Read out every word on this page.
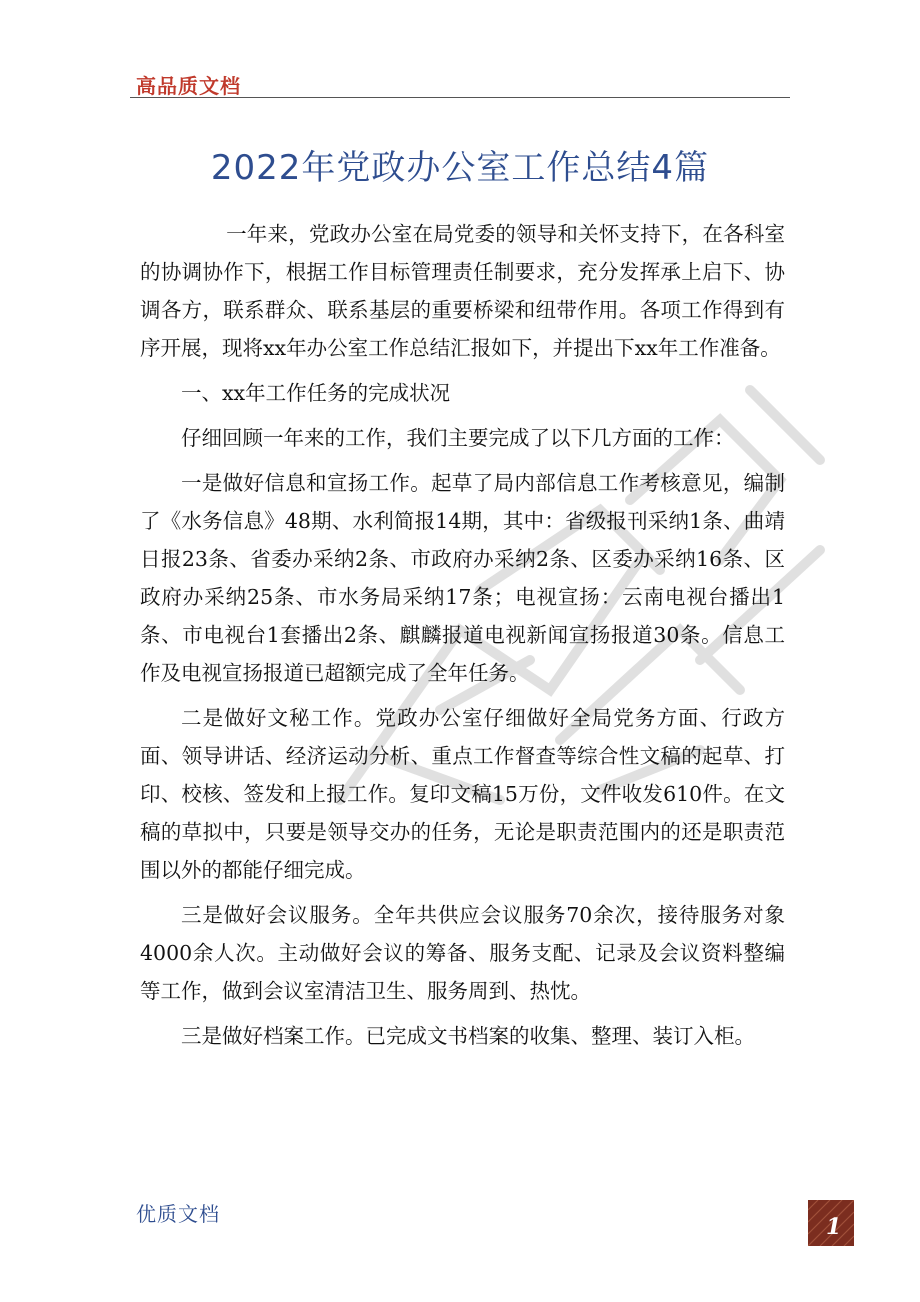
高品质文档
2022年党政办公室工作总结4篇

一年来，党政办公室在局党委的领导和关怀支持下，在各科室的协调协作下，根据工作目标管理责任制要求，充分发挥承上启下、协调各方，联系群众、联系基层的重要桥梁和纽带作用。各项工作得到有序开展，现将xx年办公室工作总结汇报如下，并提出下xx年工作准备。

一、xx年工作任务的完成状况

仔细回顾一年来的工作，我们主要完成了以下几方面的工作：

一是做好信息和宣扬工作。起草了局内部信息工作考核意见，编制了《水务信息》48期、水利简报14期，其中：省级报刊采纳1条、曲靖日报23条、省委办采纳2条、市政府办采纳2条、区委办采纳16条、区政府办采纳25条、市水务局采纳17条；电视宣扬：云南电视台播出1条、市电视台1套播出2条、麒麟报道电视新闻宣扬报道30条。信息工作及电视宣扬报道已超额完成了全年任务。

二是做好文秘工作。党政办公室仔细做好全局党务方面、行政方面、领导讲话、经济运动分析、重点工作督查等综合性文稿的起草、打印、校核、签发和上报工作。复印文稿15万份，文件收发610件。在文稿的草拟中，只要是领导交办的任务，无论是职责范围内的还是职责范围以外的都能仔细完成。

三是做好会议服务。全年共供应会议服务70余次，接待服务对象4000余人次。主动做好会议的筹备、服务支配、记录及会议资料整编等工作，做到会议室清洁卫生、服务周到、热忱。

三是做好档案工作。已完成文书档案的收集、整理、装订入柜。

优质文档	1
